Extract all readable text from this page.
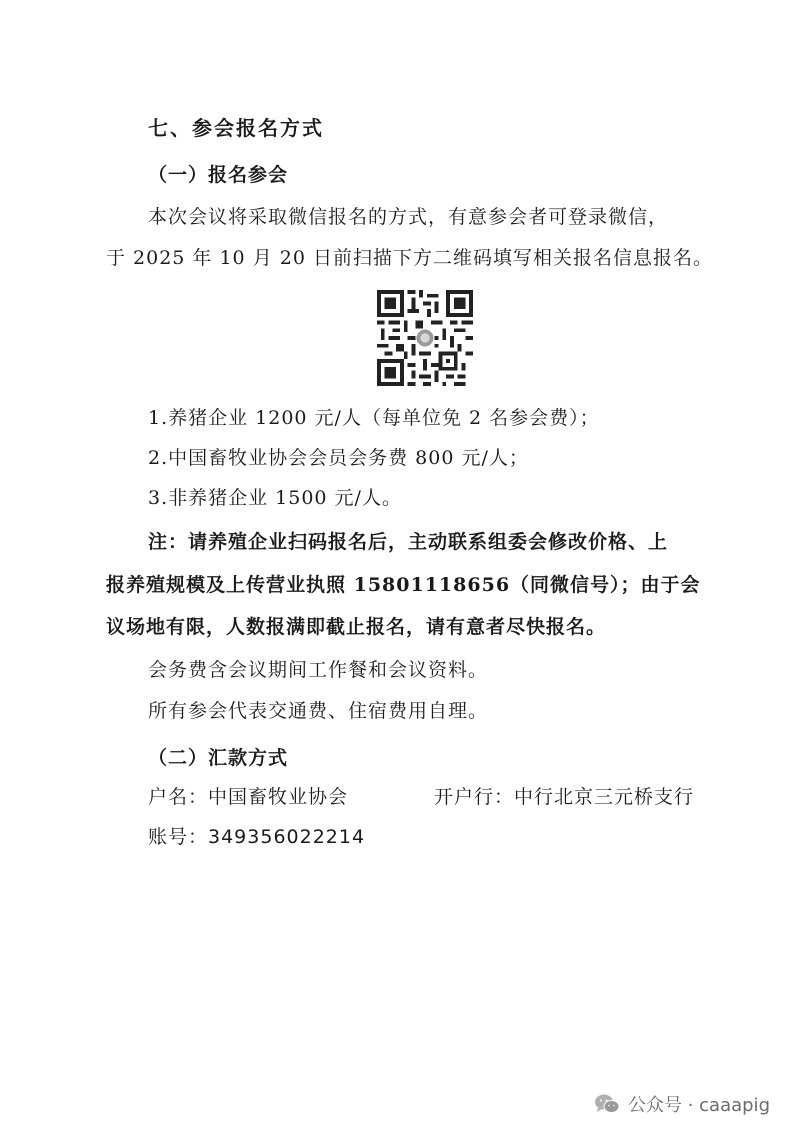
七、参会报名方式
（一）报名参会
本次会议将采取微信报名的方式，有意参会者可登录微信，
于 2025 年 10 月 20 日前扫描下方二维码填写相关报名信息报名。
1.养猪企业 1200 元/人（每单位免 2 名参会费）；
2.中国畜牧业协会会员会务费 800 元/人；
3.非养猪企业 1500 元/人。
注：请养殖企业扫码报名后，主动联系组委会修改价格、上
报养殖规模及上传营业执照 15801118656（同微信号）；由于会
议场地有限，人数报满即截止报名，请有意者尽快报名。
会务费含会议期间工作餐和会议资料。
所有参会代表交通费、住宿费用自理。
（二）汇款方式
户名：中国畜牧业协会	开户行：中行北京三元桥支行
账号：349356022214
公众号 · caaapig
